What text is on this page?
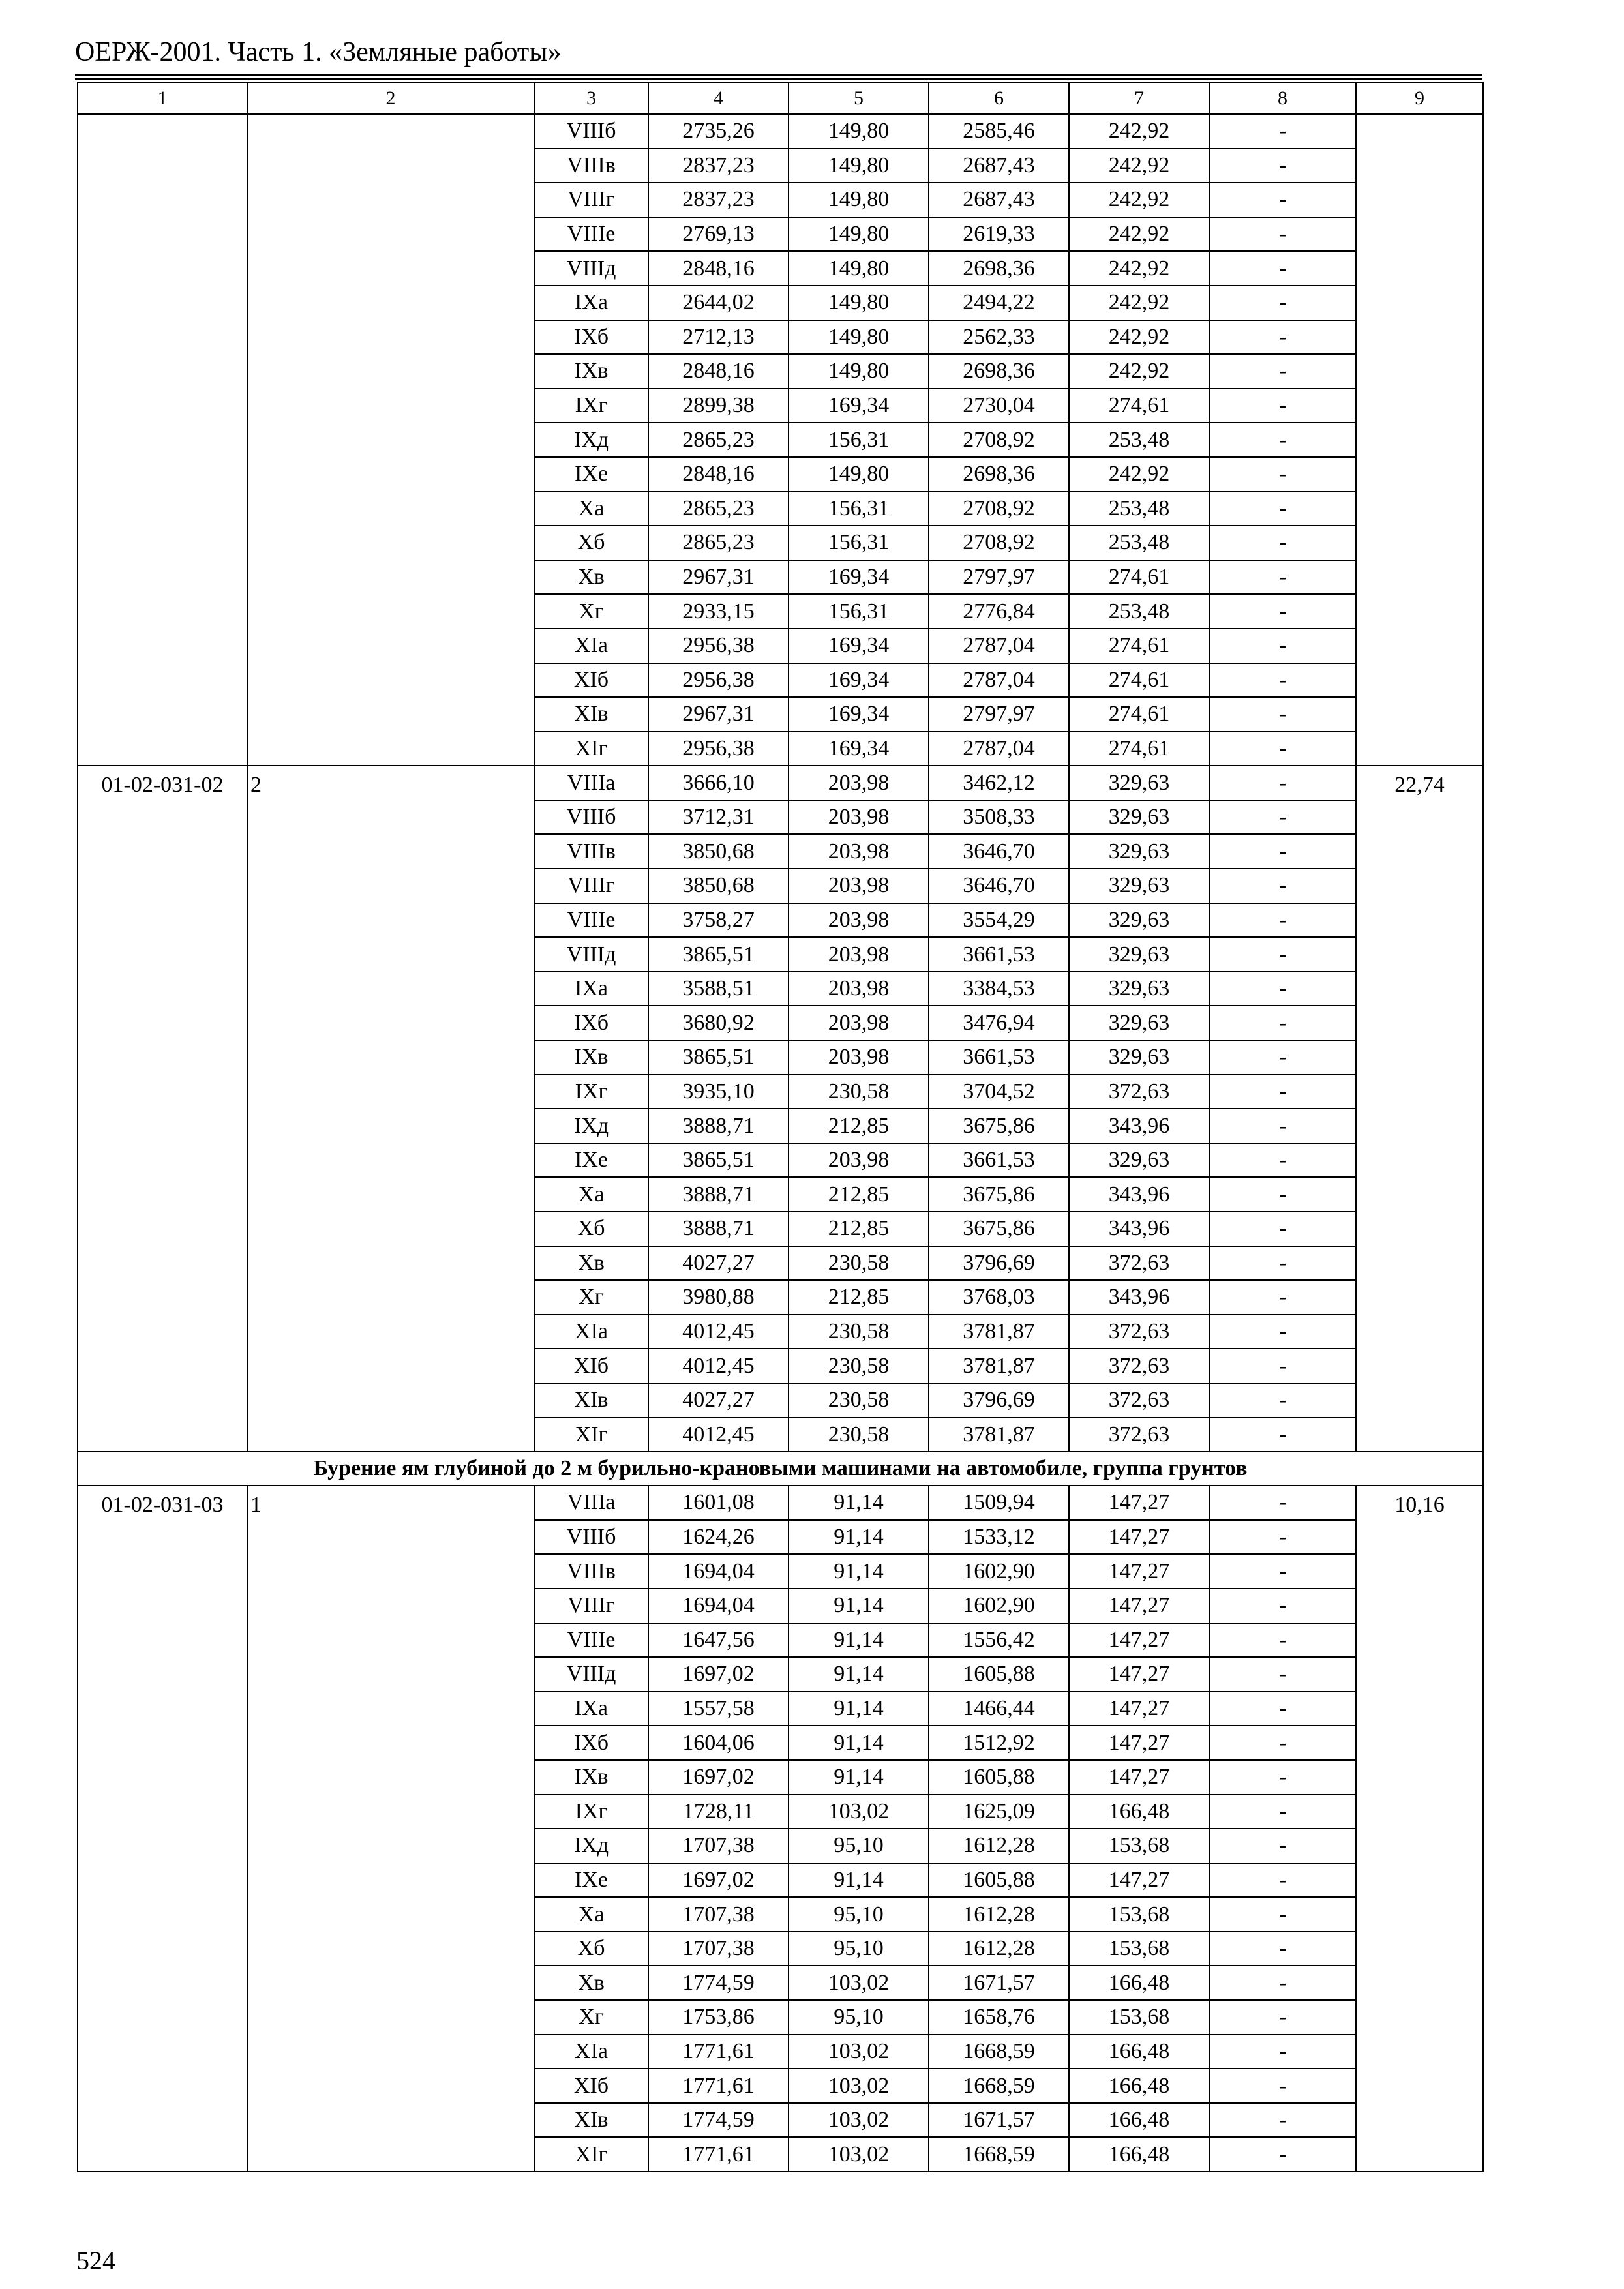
ОЕРЖ-2001. Часть 1. «Земляные работы»
1	2	3	4	5	6	7	8	9
		VIIIб	2735,26	149,80	2585,46	242,92	-	
		VIIIв	2837,23	149,80	2687,43	242,92	-	
		VIIIг	2837,23	149,80	2687,43	242,92	-	
		VIIIе	2769,13	149,80	2619,33	242,92	-	
		VIIIд	2848,16	149,80	2698,36	242,92	-	
		IXа	2644,02	149,80	2494,22	242,92	-	
		IXб	2712,13	149,80	2562,33	242,92	-	
		IXв	2848,16	149,80	2698,36	242,92	-	
		IXг	2899,38	169,34	2730,04	274,61	-	
		IXд	2865,23	156,31	2708,92	253,48	-	
		IXе	2848,16	149,80	2698,36	242,92	-	
		Xа	2865,23	156,31	2708,92	253,48	-	
		Xб	2865,23	156,31	2708,92	253,48	-	
		Xв	2967,31	169,34	2797,97	274,61	-	
		Xг	2933,15	156,31	2776,84	253,48	-	
		XIа	2956,38	169,34	2787,04	274,61	-	
		XIб	2956,38	169,34	2787,04	274,61	-	
		XIв	2967,31	169,34	2797,97	274,61	-	
		XIг	2956,38	169,34	2787,04	274,61	-	
01-02-031-02	2	VIIIа	3666,10	203,98	3462,12	329,63	-	22,74
		VIIIб	3712,31	203,98	3508,33	329,63	-	
		VIIIв	3850,68	203,98	3646,70	329,63	-	
		VIIIг	3850,68	203,98	3646,70	329,63	-	
		VIIIе	3758,27	203,98	3554,29	329,63	-	
		VIIIд	3865,51	203,98	3661,53	329,63	-	
		IXа	3588,51	203,98	3384,53	329,63	-	
		IXб	3680,92	203,98	3476,94	329,63	-	
		IXв	3865,51	203,98	3661,53	329,63	-	
		IXг	3935,10	230,58	3704,52	372,63	-	
		IXд	3888,71	212,85	3675,86	343,96	-	
		IXе	3865,51	203,98	3661,53	329,63	-	
		Xа	3888,71	212,85	3675,86	343,96	-	
		Xб	3888,71	212,85	3675,86	343,96	-	
		Xв	4027,27	230,58	3796,69	372,63	-	
		Xг	3980,88	212,85	3768,03	343,96	-	
		XIа	4012,45	230,58	3781,87	372,63	-	
		XIб	4012,45	230,58	3781,87	372,63	-	
		XIв	4027,27	230,58	3796,69	372,63	-	
		XIг	4012,45	230,58	3781,87	372,63	-	
Бурение ям глубиной до 2 м бурильно-крановыми машинами на автомобиле, группа грунтов								
01-02-031-03	1	VIIIа	1601,08	91,14	1509,94	147,27	-	10,16
		VIIIб	1624,26	91,14	1533,12	147,27	-	
		VIIIв	1694,04	91,14	1602,90	147,27	-	
		VIIIг	1694,04	91,14	1602,90	147,27	-	
		VIIIе	1647,56	91,14	1556,42	147,27	-	
		VIIIд	1697,02	91,14	1605,88	147,27	-	
		IXа	1557,58	91,14	1466,44	147,27	-	
		IXб	1604,06	91,14	1512,92	147,27	-	
		IXв	1697,02	91,14	1605,88	147,27	-	
		IXг	1728,11	103,02	1625,09	166,48	-	
		IXд	1707,38	95,10	1612,28	153,68	-	
		IXе	1697,02	91,14	1605,88	147,27	-	
		Xа	1707,38	95,10	1612,28	153,68	-	
		Xб	1707,38	95,10	1612,28	153,68	-	
		Xв	1774,59	103,02	1671,57	166,48	-	
		Xг	1753,86	95,10	1658,76	153,68	-	
		XIа	1771,61	103,02	1668,59	166,48	-	
		XIб	1771,61	103,02	1668,59	166,48	-	
		XIв	1774,59	103,02	1671,57	166,48	-	
		XIг	1771,61	103,02	1668,59	166,48	-	
524
